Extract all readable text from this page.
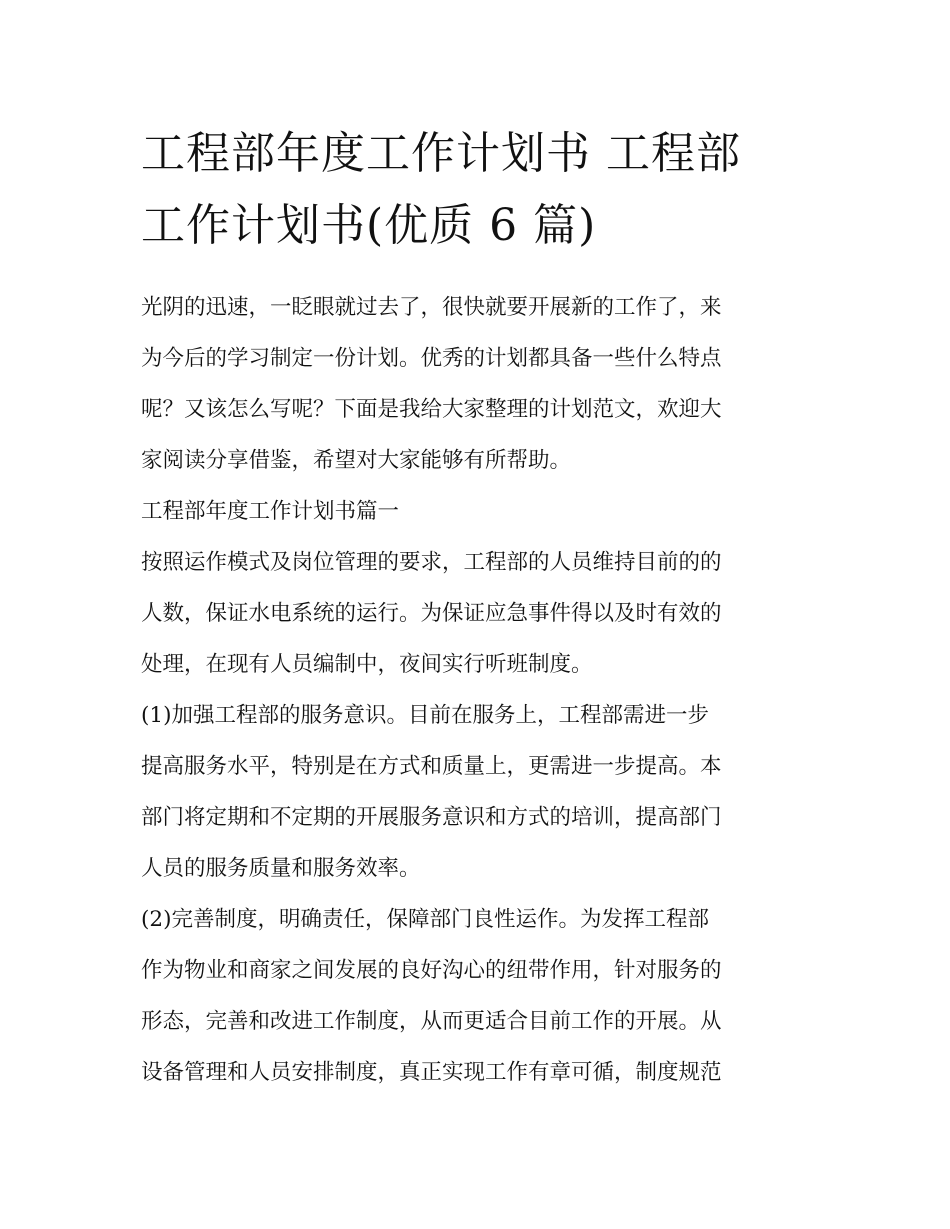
工程部年度工作计划书 工程部
工作计划书(优质 6 篇)
光阴的迅速，一眨眼就过去了，很快就要开展新的工作了，来
为今后的学习制定一份计划。优秀的计划都具备一些什么特点
呢？又该怎么写呢？下面是我给大家整理的计划范文，欢迎大
家阅读分享借鉴，希望对大家能够有所帮助。
工程部年度工作计划书篇一
按照运作模式及岗位管理的要求，工程部的人员维持目前的的
人数，保证水电系统的运行。为保证应急事件得以及时有效的
处理，在现有人员编制中，夜间实行听班制度。
(1)加强工程部的服务意识。目前在服务上，工程部需进一步
提高服务水平，特别是在方式和质量上，更需进一步提高。本
部门将定期和不定期的开展服务意识和方式的培训，提高部门
人员的服务质量和服务效率。
(2)完善制度，明确责任，保障部门良性运作。为发挥工程部
作为物业和商家之间发展的良好沟心的纽带作用，针对服务的
形态，完善和改进工作制度，从而更适合目前工作的开展。从
设备管理和人员安排制度，真正实现工作有章可循，制度规范
